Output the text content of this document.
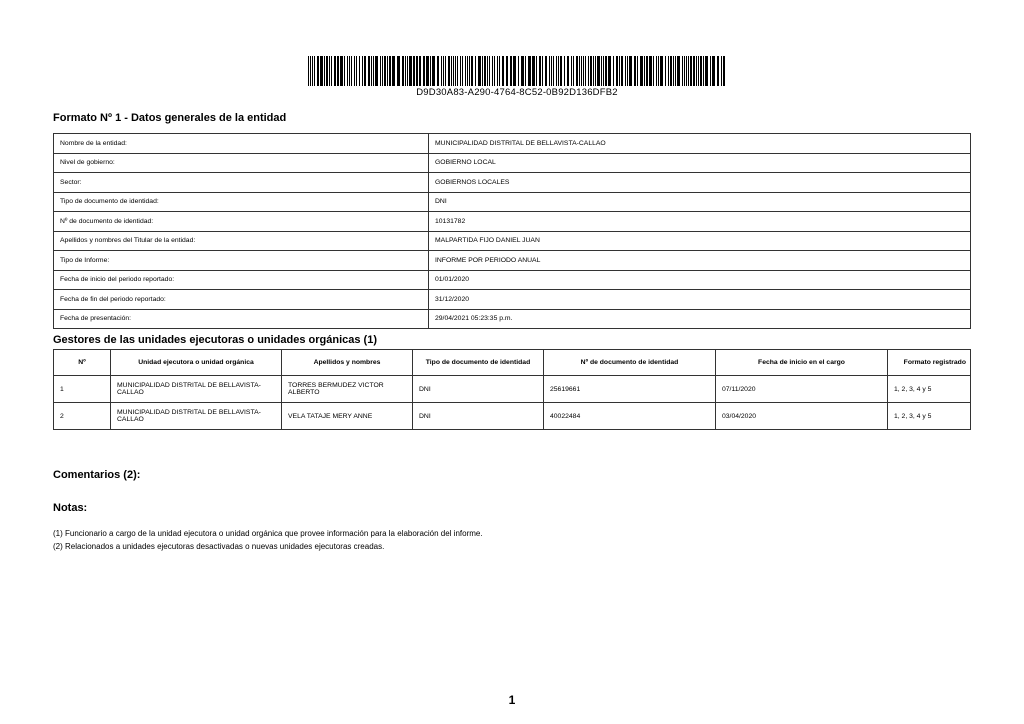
D9D30A83-A290-4764-8C52-0B92D136DFB2
Formato Nº 1 - Datos generales de la entidad
Nombre de la entidad:	MUNICIPALIDAD DISTRITAL DE BELLAVISTA-CALLAO
Nivel de gobierno:	GOBIERNO LOCAL
Sector:	GOBIERNOS LOCALES
Tipo de documento de identidad:	DNI
Nº de documento de identidad:	10131782
Apellidos y nombres del Titular de la entidad:	MALPARTIDA FIJO DANIEL JUAN
Tipo de Informe:	INFORME POR PERIODO ANUAL
Fecha de inicio del periodo reportado:	01/01/2020
Fecha de fin del periodo reportado:	31/12/2020
Fecha de presentación:	29/04/2021 05:23:35 p.m.
Gestores de las unidades ejecutoras o unidades orgánicas (1)
Nº	Unidad ejecutora o unidad orgánica	Apellidos y nombres	Tipo de documento de identidad	Nº de documento de identidad	Fecha de inicio en el cargo	Formato registrado
1	MUNICIPALIDAD DISTRITAL DE BELLAVISTA-CALLAO	TORRES BERMUDEZ VICTOR ALBERTO	DNI	25619661	07/11/2020	1, 2, 3, 4 y 5
2	MUNICIPALIDAD DISTRITAL DE BELLAVISTA-CALLAO	VELA TATAJE MERY ANNE	DNI	40022484	03/04/2020	1, 2, 3, 4 y 5
Comentarios (2):
Notas:
(1) Funcionario a cargo de la unidad ejecutora o unidad orgánica que provee información para la elaboración del informe.
(2) Relacionados a unidades ejecutoras desactivadas o nuevas unidades ejecutoras creadas.
1
